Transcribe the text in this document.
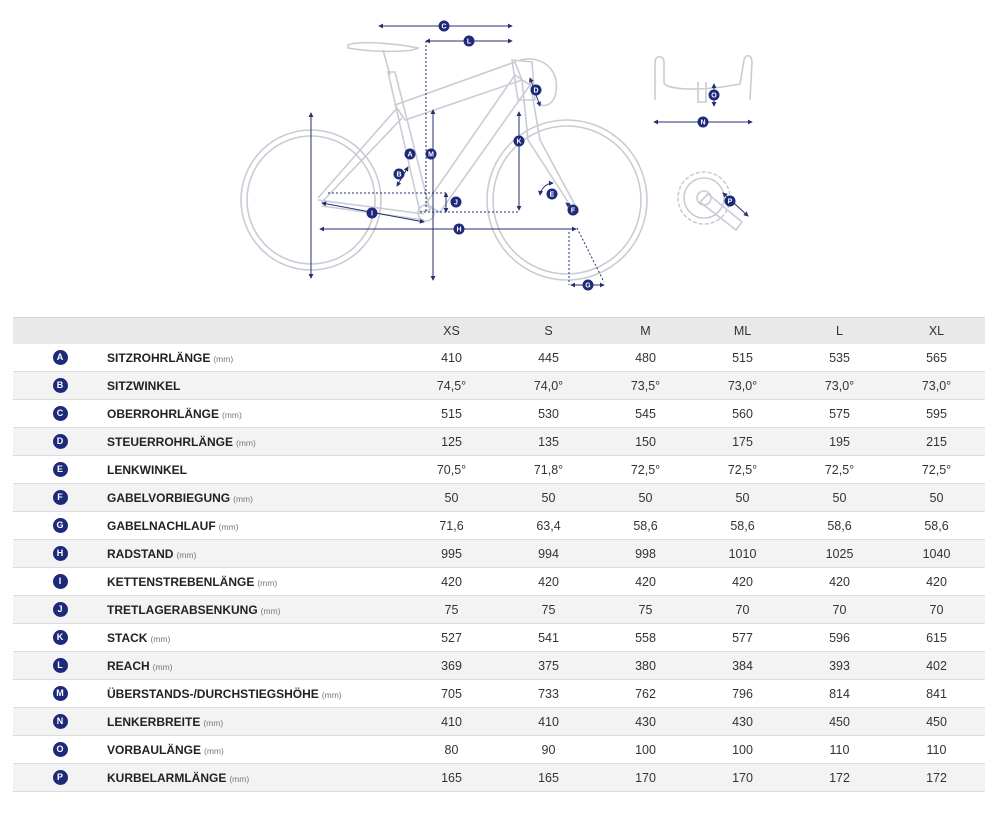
A
B
C
D
E
F
G
H
I
J
K
L
M
N
O
P
		XS	S	M	ML	L	XL
A	SITZROHRLÄNGE (mm)	410	445	480	515	535	565
B	SITZWINKEL	74,5°	74,0°	73,5°	73,0°	73,0°	73,0°
C	OBERROHRLÄNGE (mm)	515	530	545	560	575	595
D	STEUERROHRLÄNGE (mm)	125	135	150	175	195	215
E	LENKWINKEL	70,5°	71,8°	72,5°	72,5°	72,5°	72,5°
F	GABELVORBIEGUNG (mm)	50	50	50	50	50	50
G	GABELNACHLAUF (mm)	71,6	63,4	58,6	58,6	58,6	58,6
H	RADSTAND (mm)	995	994	998	1010	1025	1040
I	KETTENSTREBENLÄNGE (mm)	420	420	420	420	420	420
J	TRETLAGERABSENKUNG (mm)	75	75	75	70	70	70
K	STACK (mm)	527	541	558	577	596	615
L	REACH (mm)	369	375	380	384	393	402
M	ÜBERSTANDS-/DURCHSTIEGSHÖHE (mm)	705	733	762	796	814	841
N	LENKERBREITE (mm)	410	410	430	430	450	450
O	VORBAULÄNGE (mm)	80	90	100	100	110	110
P	KURBELARMLÄNGE (mm)	165	165	170	170	172	172
